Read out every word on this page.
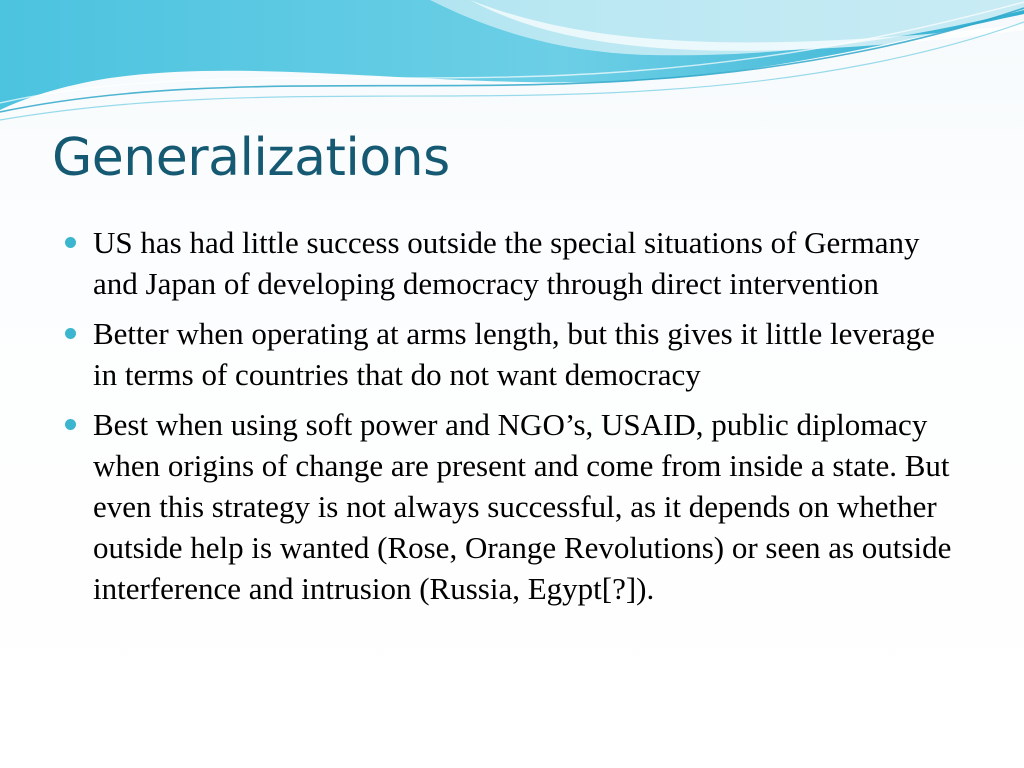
Generalizations
US has had little success outside the special situations of Germany and Japan of developing democracy through direct intervention
Better when operating at arms length, but this gives it little leverage in terms of countries that do not want democracy
Best when using soft power and NGO’s, USAID, public diplomacy when origins of change are present and come from inside a state. But even this strategy is not always successful, as it depends on whether outside help is wanted (Rose, Orange Revolutions) or seen as outside interference and intrusion (Russia, Egypt[?]).
